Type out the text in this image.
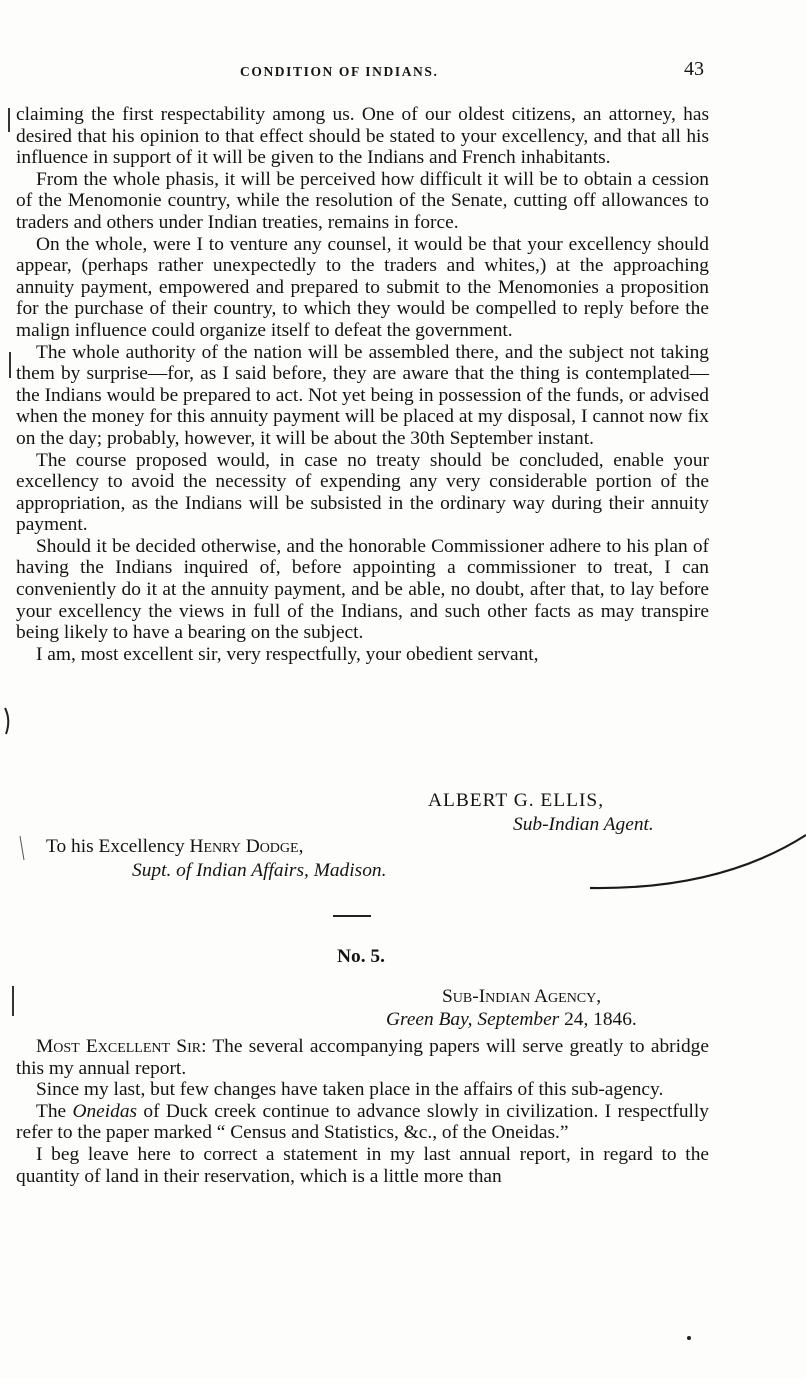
CONDITION OF INDIANS.	43

claiming the first respectability among us. One of our oldest citizens, an attorney, has desired that his opinion to that effect should be stated to your excellency, and that all his influence in support of it will be given to the Indians and French inhabitants.

From the whole phasis, it will be perceived how difficult it will be to obtain a cession of the Menomonie country, while the resolution of the Senate, cutting off allowances to traders and others under Indian treaties, remains in force.

On the whole, were I to venture any counsel, it would be that your excellency should appear, (perhaps rather unexpectedly to the traders and whites,) at the approaching annuity payment, empowered and prepared to submit to the Menomonies a proposition for the purchase of their country, to which they would be compelled to reply before the malign influence could organize itself to defeat the government.

The whole authority of the nation will be assembled there, and the subject not taking them by surprise—for, as I said before, they are aware that the thing is contemplated—the Indians would be prepared to act. Not yet being in possession of the funds, or advised when the money for this annuity payment will be placed at my disposal, I cannot now fix on the day; probably, however, it will be about the 30th September instant.

The course proposed would, in case no treaty should be concluded, enable your excellency to avoid the necessity of expending any very considerable portion of the appropriation, as the Indians will be subsisted in the ordinary way during their annuity payment.

Should it be decided otherwise, and the honorable Commissioner adhere to his plan of having the Indians inquired of, before appointing a commissioner to treat, I can conveniently do it at the annuity payment, and be able, no doubt, after that, to lay before your excellency the views in full of the Indians, and such other facts as may transpire being likely to have a bearing on the subject.

I am, most excellent sir, very respectfully, your obedient servant,

ALBERT G. ELLIS,
Sub-Indian Agent.
To his Excellency Henry Dodge,
Supt. of Indian Affairs, Madison.
No. 5.
Sub-Indian Agency,
Green Bay, September 24, 1846.

Most Excellent Sir: The several accompanying papers will serve greatly to abridge this my annual report.

Since my last, but few changes have taken place in the affairs of this sub-agency.

The Oneidas of Duck creek continue to advance slowly in civilization. I respectfully refer to the paper marked “ Census and Statistics, &c., of the Oneidas.”

I beg leave here to correct a statement in my last annual report, in regard to the quantity of land in their reservation, which is a little more than
